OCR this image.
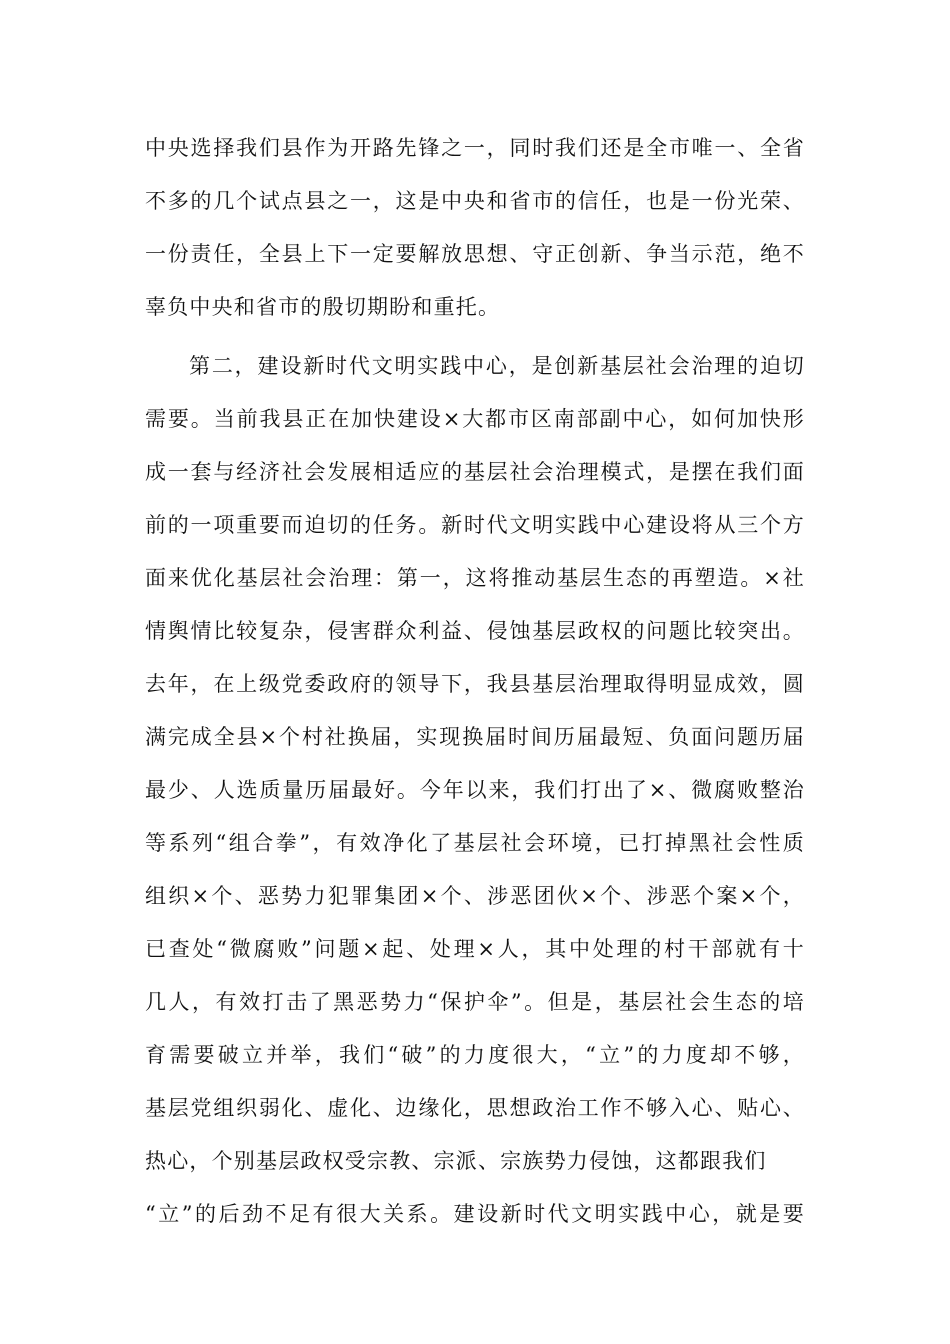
中央选择我们县作为开路先锋之一，同时我们还是全市唯一、全省
不多的几个试点县之一，这是中央和省市的信任，也是一份光荣、
一份责任，全县上下一定要解放思想、守正创新、争当示范，绝不
辜负中央和省市的殷切期盼和重托。
第二，建设新时代文明实践中心，是创新基层社会治理的迫切
需要。当前我县正在加快建设×大都市区南部副中心，如何加快形
成一套与经济社会发展相适应的基层社会治理模式，是摆在我们面
前的一项重要而迫切的任务。新时代文明实践中心建设将从三个方
面来优化基层社会治理：第一，这将推动基层生态的再塑造。×社
情舆情比较复杂，侵害群众利益、侵蚀基层政权的问题比较突出。
去年，在上级党委政府的领导下，我县基层治理取得明显成效，圆
满完成全县×个村社换届，实现换届时间历届最短、负面问题历届
最少、人选质量历届最好。今年以来，我们打出了×、微腐败整治
等系列“组合拳”，有效净化了基层社会环境，已打掉黑社会性质
组织×个、恶势力犯罪集团×个、涉恶团伙×个、涉恶个案×个，
已查处“微腐败”问题×起、处理×人，其中处理的村干部就有十
几人，有效打击了黑恶势力“保护伞”。但是，基层社会生态的培
育需要破立并举，我们“破”的力度很大，“立”的力度却不够，
基层党组织弱化、虚化、边缘化，思想政治工作不够入心、贴心、
热心，个别基层政权受宗教、宗派、宗族势力侵蚀，这都跟我们
“立”的后劲不足有很大关系。建设新时代文明实践中心，就是要
